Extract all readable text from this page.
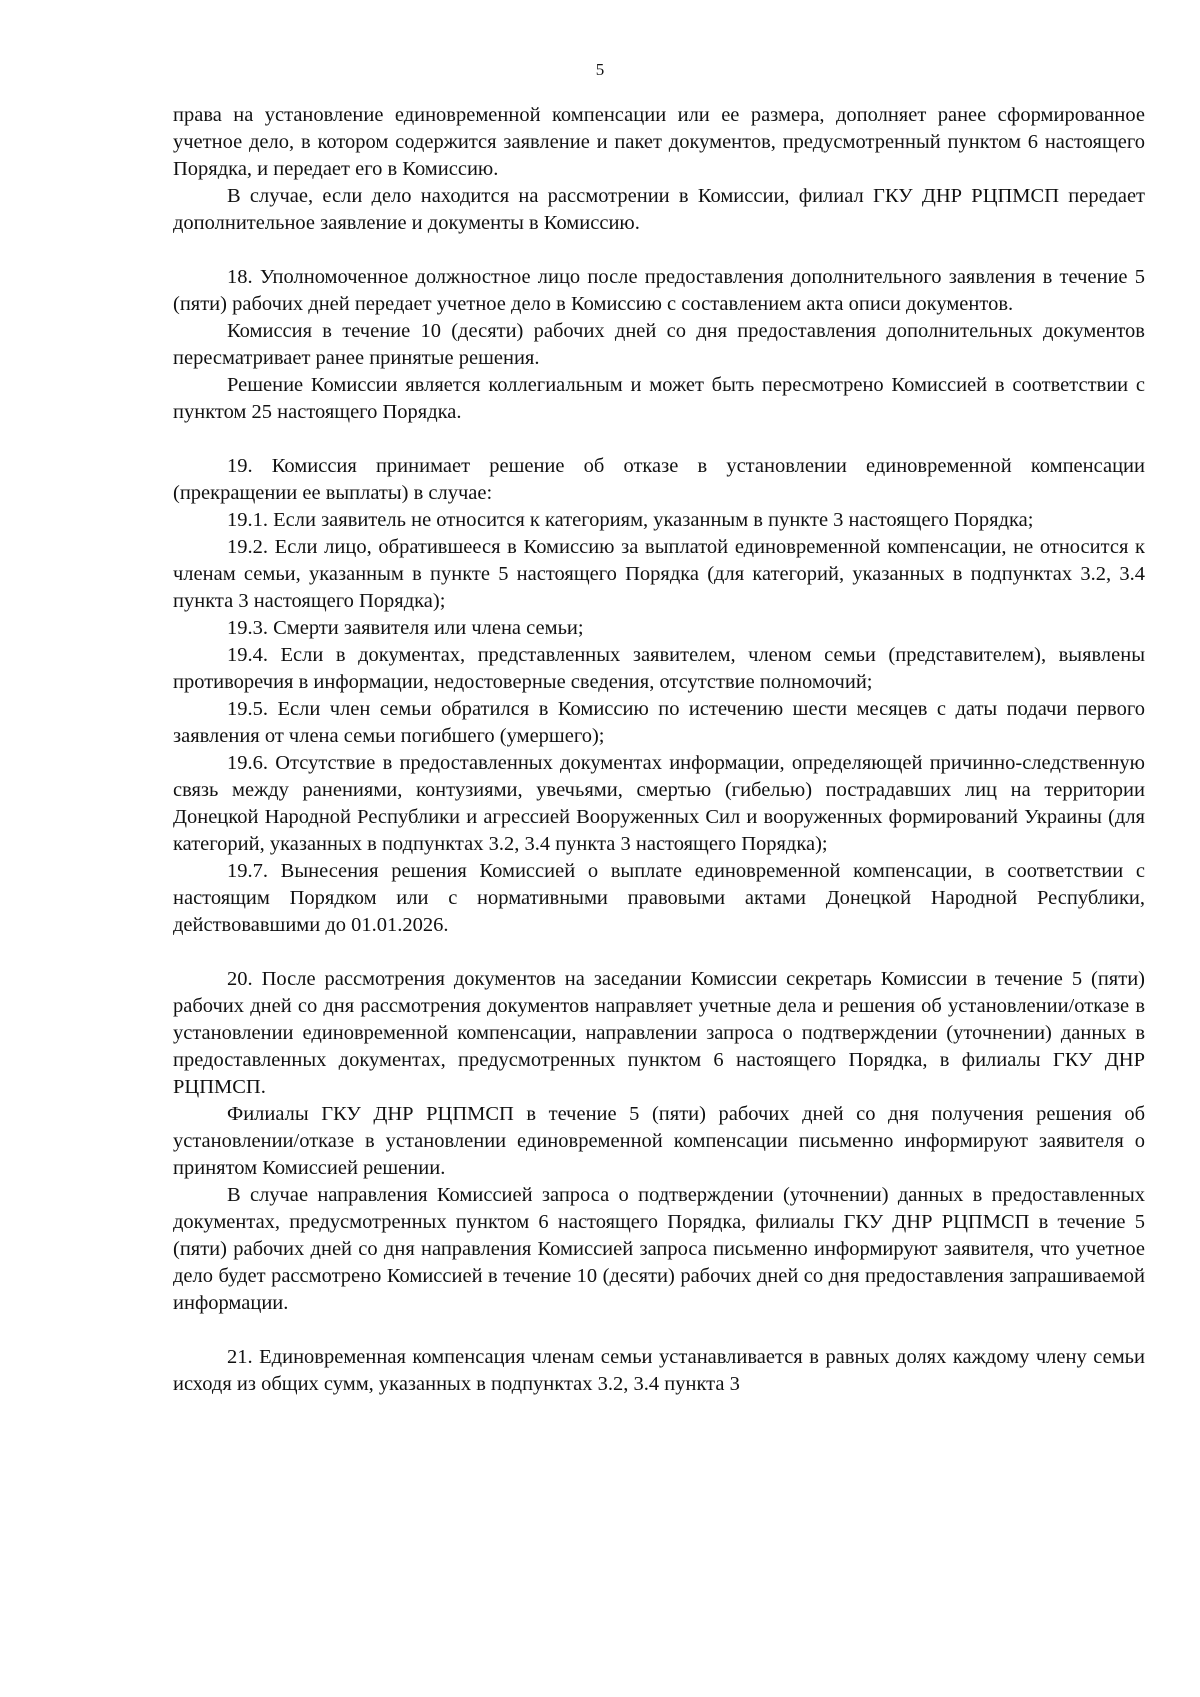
5

права на установление единовременной компенсации или ее размера, дополняет ранее сформированное учетное дело, в котором содержится заявление и пакет документов, предусмотренный пунктом 6 настоящего Порядка, и передает его в Комиссию.

В случае, если дело находится на рассмотрении в Комиссии, филиал ГКУ ДНР РЦПМСП передает дополнительное заявление и документы в Комиссию.

18. Уполномоченное должностное лицо после предоставления дополнительного заявления в течение 5 (пяти) рабочих дней передает учетное дело в Комиссию с составлением акта описи документов.

Комиссия в течение 10 (десяти) рабочих дней со дня предоставления дополнительных документов пересматривает ранее принятые решения.

Решение Комиссии является коллегиальным и может быть пересмотрено Комиссией в соответствии с пунктом 25 настоящего Порядка.

19. Комиссия принимает решение об отказе в установлении единовременной компенсации (прекращении ее выплаты) в случае:

19.1. Если заявитель не относится к категориям, указанным в пункте 3 настоящего Порядка;

19.2. Если лицо, обратившееся в Комиссию за выплатой единовременной компенсации, не относится к членам семьи, указанным в пункте 5 настоящего Порядка (для категорий, указанных в подпунктах 3.2, 3.4 пункта 3 настоящего Порядка);

19.3. Смерти заявителя или члена семьи;

19.4. Если в документах, представленных заявителем, членом семьи (представителем), выявлены противоречия в информации, недостоверные сведения, отсутствие полномочий;

19.5. Если член семьи обратился в Комиссию по истечению шести месяцев с даты подачи первого заявления от члена семьи погибшего (умершего);

19.6. Отсутствие в предоставленных документах информации, определяющей причинно-следственную связь между ранениями, контузиями, увечьями, смертью (гибелью) пострадавших лиц на территории Донецкой Народной Республики и агрессией Вооруженных Сил и вооруженных формирований Украины (для категорий, указанных в подпунктах 3.2, 3.4 пункта 3 настоящего Порядка);

19.7. Вынесения решения Комиссией о выплате единовременной компенсации, в соответствии с настоящим Порядком или с нормативными правовыми актами Донецкой Народной Республики, действовавшими до 01.01.2026.

20. После рассмотрения документов на заседании Комиссии секретарь Комиссии в течение 5 (пяти) рабочих дней со дня рассмотрения документов направляет учетные дела и решения об установлении/отказе в установлении единовременной компенсации, направлении запроса о подтверждении (уточнении) данных в предоставленных документах, предусмотренных пунктом 6 настоящего Порядка, в филиалы ГКУ ДНР РЦПМСП.

Филиалы ГКУ ДНР РЦПМСП в течение 5 (пяти) рабочих дней со дня получения решения об установлении/отказе в установлении единовременной компенсации письменно информируют заявителя о принятом Комиссией решении.

В случае направления Комиссией запроса о подтверждении (уточнении) данных в предоставленных документах, предусмотренных пунктом 6 настоящего Порядка, филиалы ГКУ ДНР РЦПМСП в течение 5 (пяти) рабочих дней со дня направления Комиссией запроса письменно информируют заявителя, что учетное дело будет рассмотрено Комиссией в течение 10 (десяти) рабочих дней со дня предоставления запрашиваемой информации.

21. Единовременная компенсация членам семьи устанавливается в равных долях каждому члену семьи исходя из общих сумм, указанных в подпунктах 3.2, 3.4 пункта 3
